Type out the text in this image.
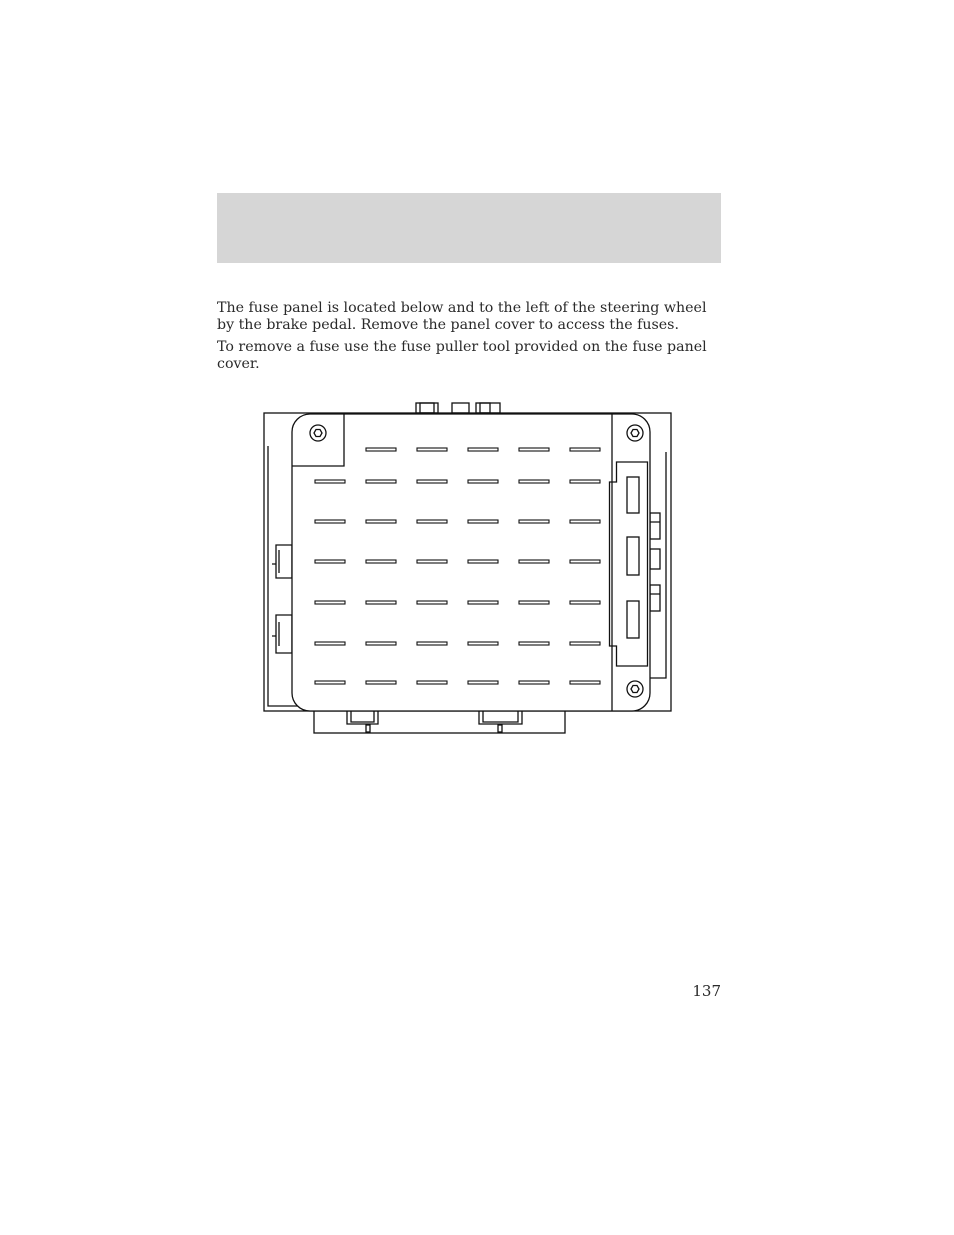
The fuse panel is located below and to the left of the steering wheel by the brake pedal. Remove the panel cover to access the fuses.

To remove a fuse use the fuse puller tool provided on the fuse panel cover.

137
